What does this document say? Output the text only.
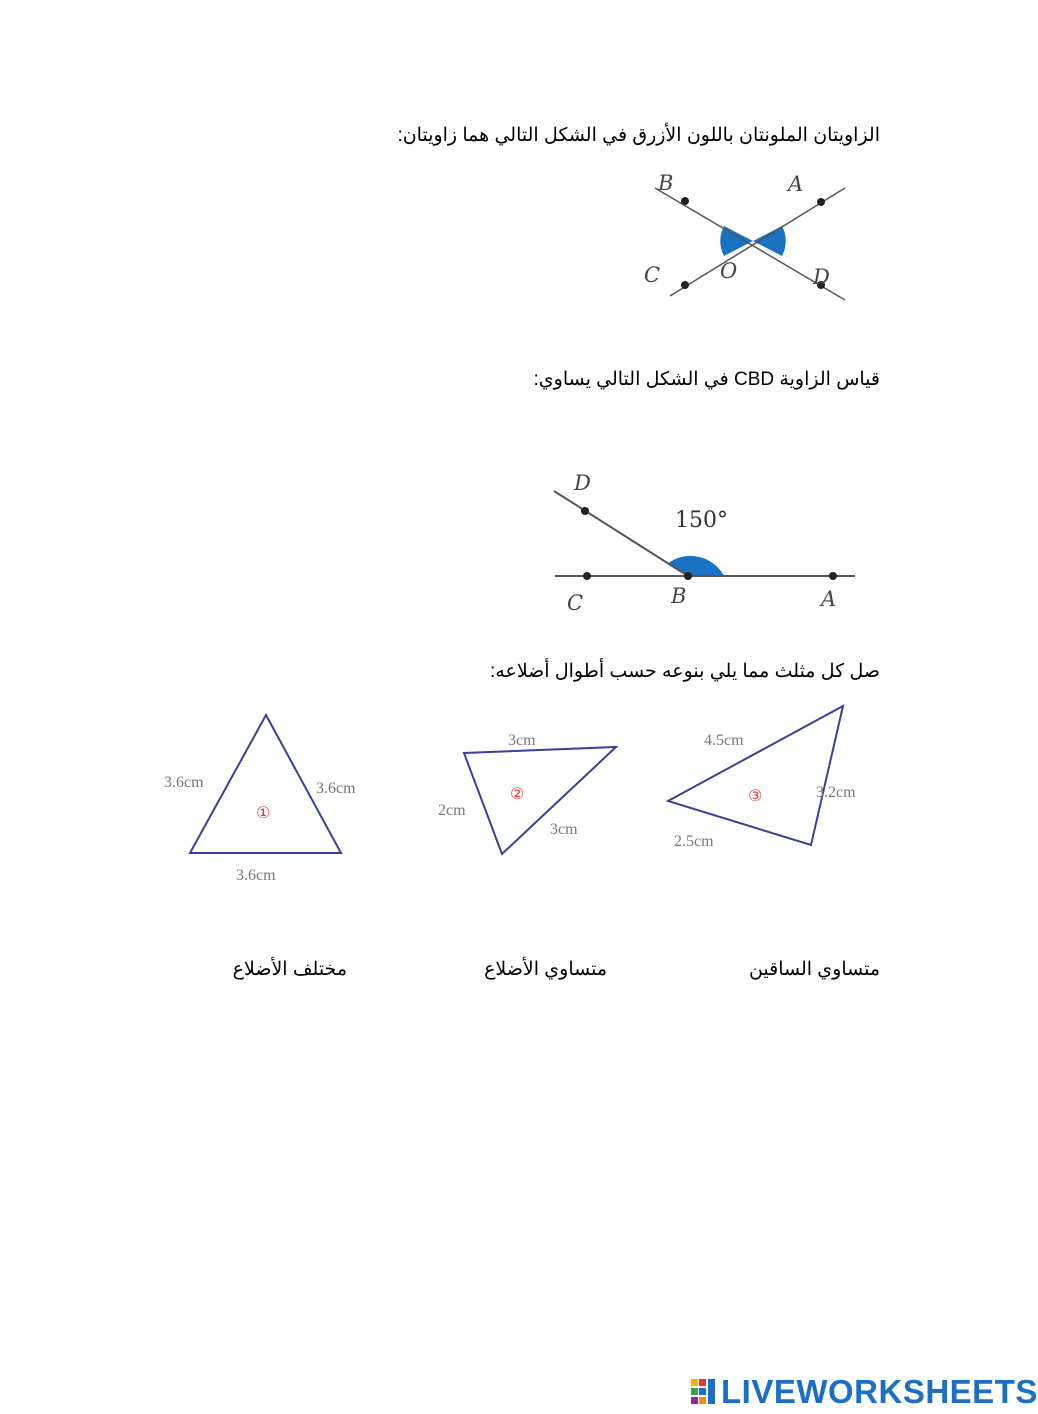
الزاويتان الملونتان باللون الأزرق في الشكل التالي هما زاويتان:
B	A
C	O	D
قياس الزاوية CBD في الشكل التالي يساوي:
D
C	B	A
150°
صل كل مثلث مما يلي بنوعه حسب أطوال أضلاعه:
3.6cm	3.6cm
3.6cm
①
3cm
2cm
3cm
②
4.5cm
3.2cm
2.5cm
③
متساوي الساقين
متساوي الأضلاع
مختلف الأضلاع
LIVEWORKSHEETS
